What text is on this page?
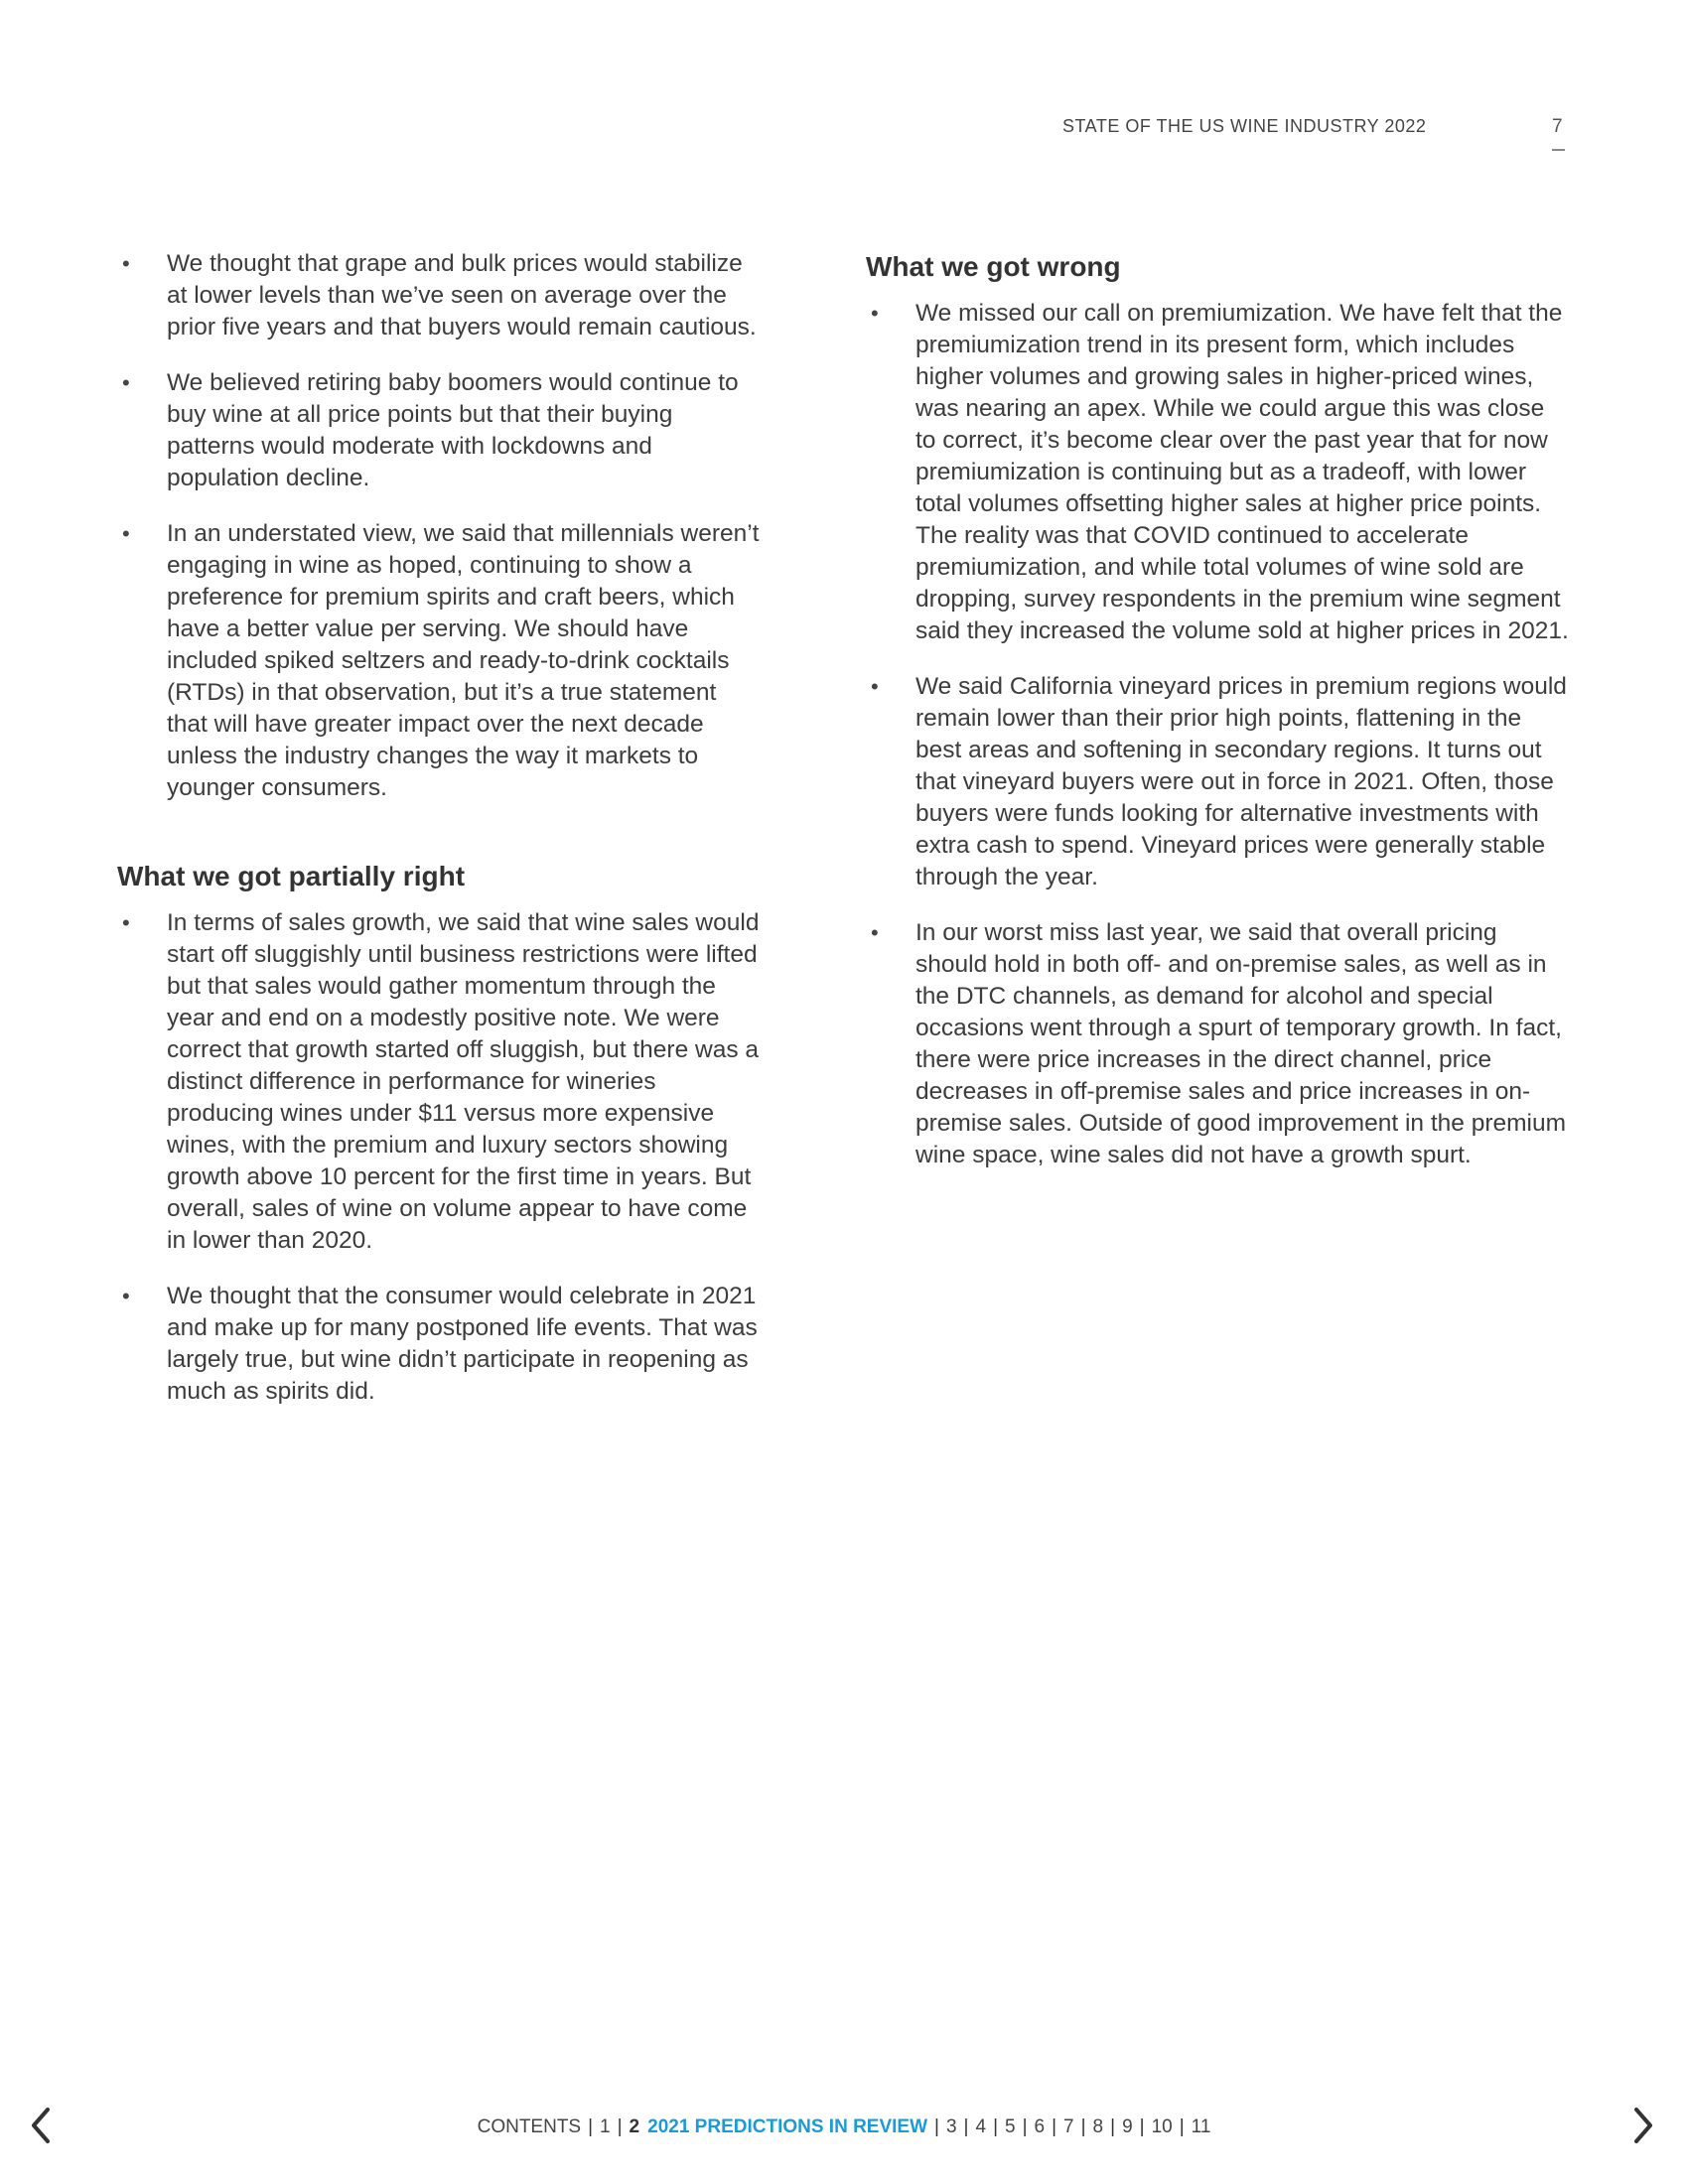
STATE OF THE US WINE INDUSTRY 2022	7
• We thought that grape and bulk prices would stabilize at lower levels than we’ve seen on average over the prior five years and that buyers would remain cautious.
• We believed retiring baby boomers would continue to buy wine at all price points but that their buying patterns would moderate with lockdowns and population decline.
• In an understated view, we said that millennials weren’t engaging in wine as hoped, continuing to show a preference for premium spirits and craft beers, which have a better value per serving. We should have included spiked seltzers and ready-to-drink cocktails (RTDs) in that observation, but it’s a true statement that will have greater impact over the next decade unless the industry changes the way it markets to younger consumers.
What we got partially right
• In terms of sales growth, we said that wine sales would start off sluggishly until business restrictions were lifted but that sales would gather momentum through the year and end on a modestly positive note. We were correct that growth started off sluggish, but there was a distinct difference in performance for wineries producing wines under $11 versus more expensive wines, with the premium and luxury sectors showing growth above 10 percent for the first time in years. But overall, sales of wine on volume appear to have come in lower than 2020.
• We thought that the consumer would celebrate in 2021 and make up for many postponed life events. That was largely true, but wine didn’t participate in reopening as much as spirits did.
What we got wrong
• We missed our call on premiumization. We have felt that the premiumization trend in its present form, which includes higher volumes and growing sales in higher-priced wines, was nearing an apex. While we could argue this was close to correct, it’s become clear over the past year that for now premiumization is continuing but as a tradeoff, with lower total volumes offsetting higher sales at higher price points. The reality was that COVID continued to accelerate premiumization, and while total volumes of wine sold are dropping, survey respondents in the premium wine segment said they increased the volume sold at higher prices in 2021.
• We said California vineyard prices in premium regions would remain lower than their prior high points, flattening in the best areas and softening in secondary regions. It turns out that vineyard buyers were out in force in 2021. Often, those buyers were funds looking for alternative investments with extra cash to spend. Vineyard prices were generally stable through the year.
• In our worst miss last year, we said that overall pricing should hold in both off- and on-premise sales, as well as in the DTC channels, as demand for alcohol and special occasions went through a spurt of temporary growth. In fact, there were price increases in the direct channel, price decreases in off-premise sales and price increases in on-premise sales. Outside of good improvement in the premium wine space, wine sales did not have a growth spurt.
CONTENTS | 1 | 2 2021 PREDICTIONS IN REVIEW | 3 | 4 | 5 | 6 | 7 | 8 | 9 | 10 | 11
